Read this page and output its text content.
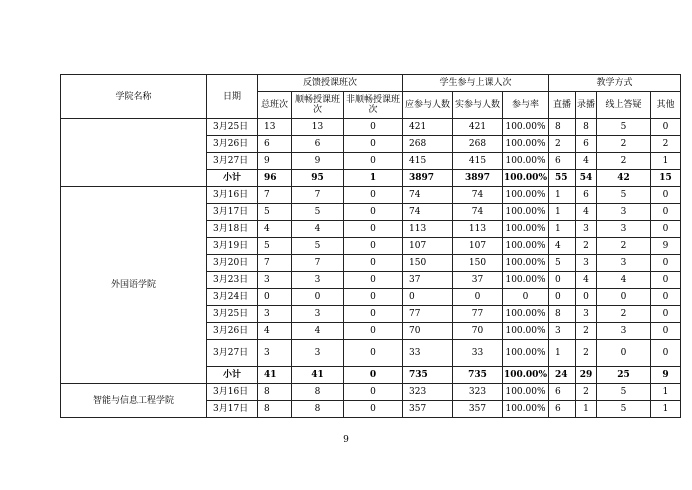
学院名称	日期	反馈授课班次			学生参与上课人次			教学方式			
		总班次	顺畅授课班次	非顺畅授课班次	应参与人数	实参与人数	参与率	直播	录播	线上答疑	其他
	3月25日	13	13	0	421	421	100.00%	8	8	5	0
	3月26日	6	6	0	268	268	100.00%	2	6	2	2
	3月27日	9	9	0	415	415	100.00%	6	4	2	1
	小计	96	95	1	3897	3897	100.00%	55	54	42	15
外国语学院	3月16日	7	7	0	74	74	100.00%	1	6	5	0
	3月17日	5	5	0	74	74	100.00%	1	4	3	0
	3月18日	4	4	0	113	113	100.00%	1	3	3	0
	3月19日	5	5	0	107	107	100.00%	4	2	2	9
	3月20日	7	7	0	150	150	100.00%	5	3	3	0
	3月23日	3	3	0	37	37	100.00%	0	4	4	0
	3月24日	0	0	0	0	0	0	0	0	0	0
	3月25日	3	3	0	77	77	100.00%	8	3	2	0
	3月26日	4	4	0	70	70	100.00%	3	2	3	0
	3月27日	3	3	0	33	33	100.00%	1	2	0	0
	小计	41	41	0	735	735	100.00%	24	29	25	9
智能与信息工程学院	3月16日	8	8	0	323	323	100.00%	6	2	5	1
	3月17日	8	8	0	357	357	100.00%	6	1	5	1
9
